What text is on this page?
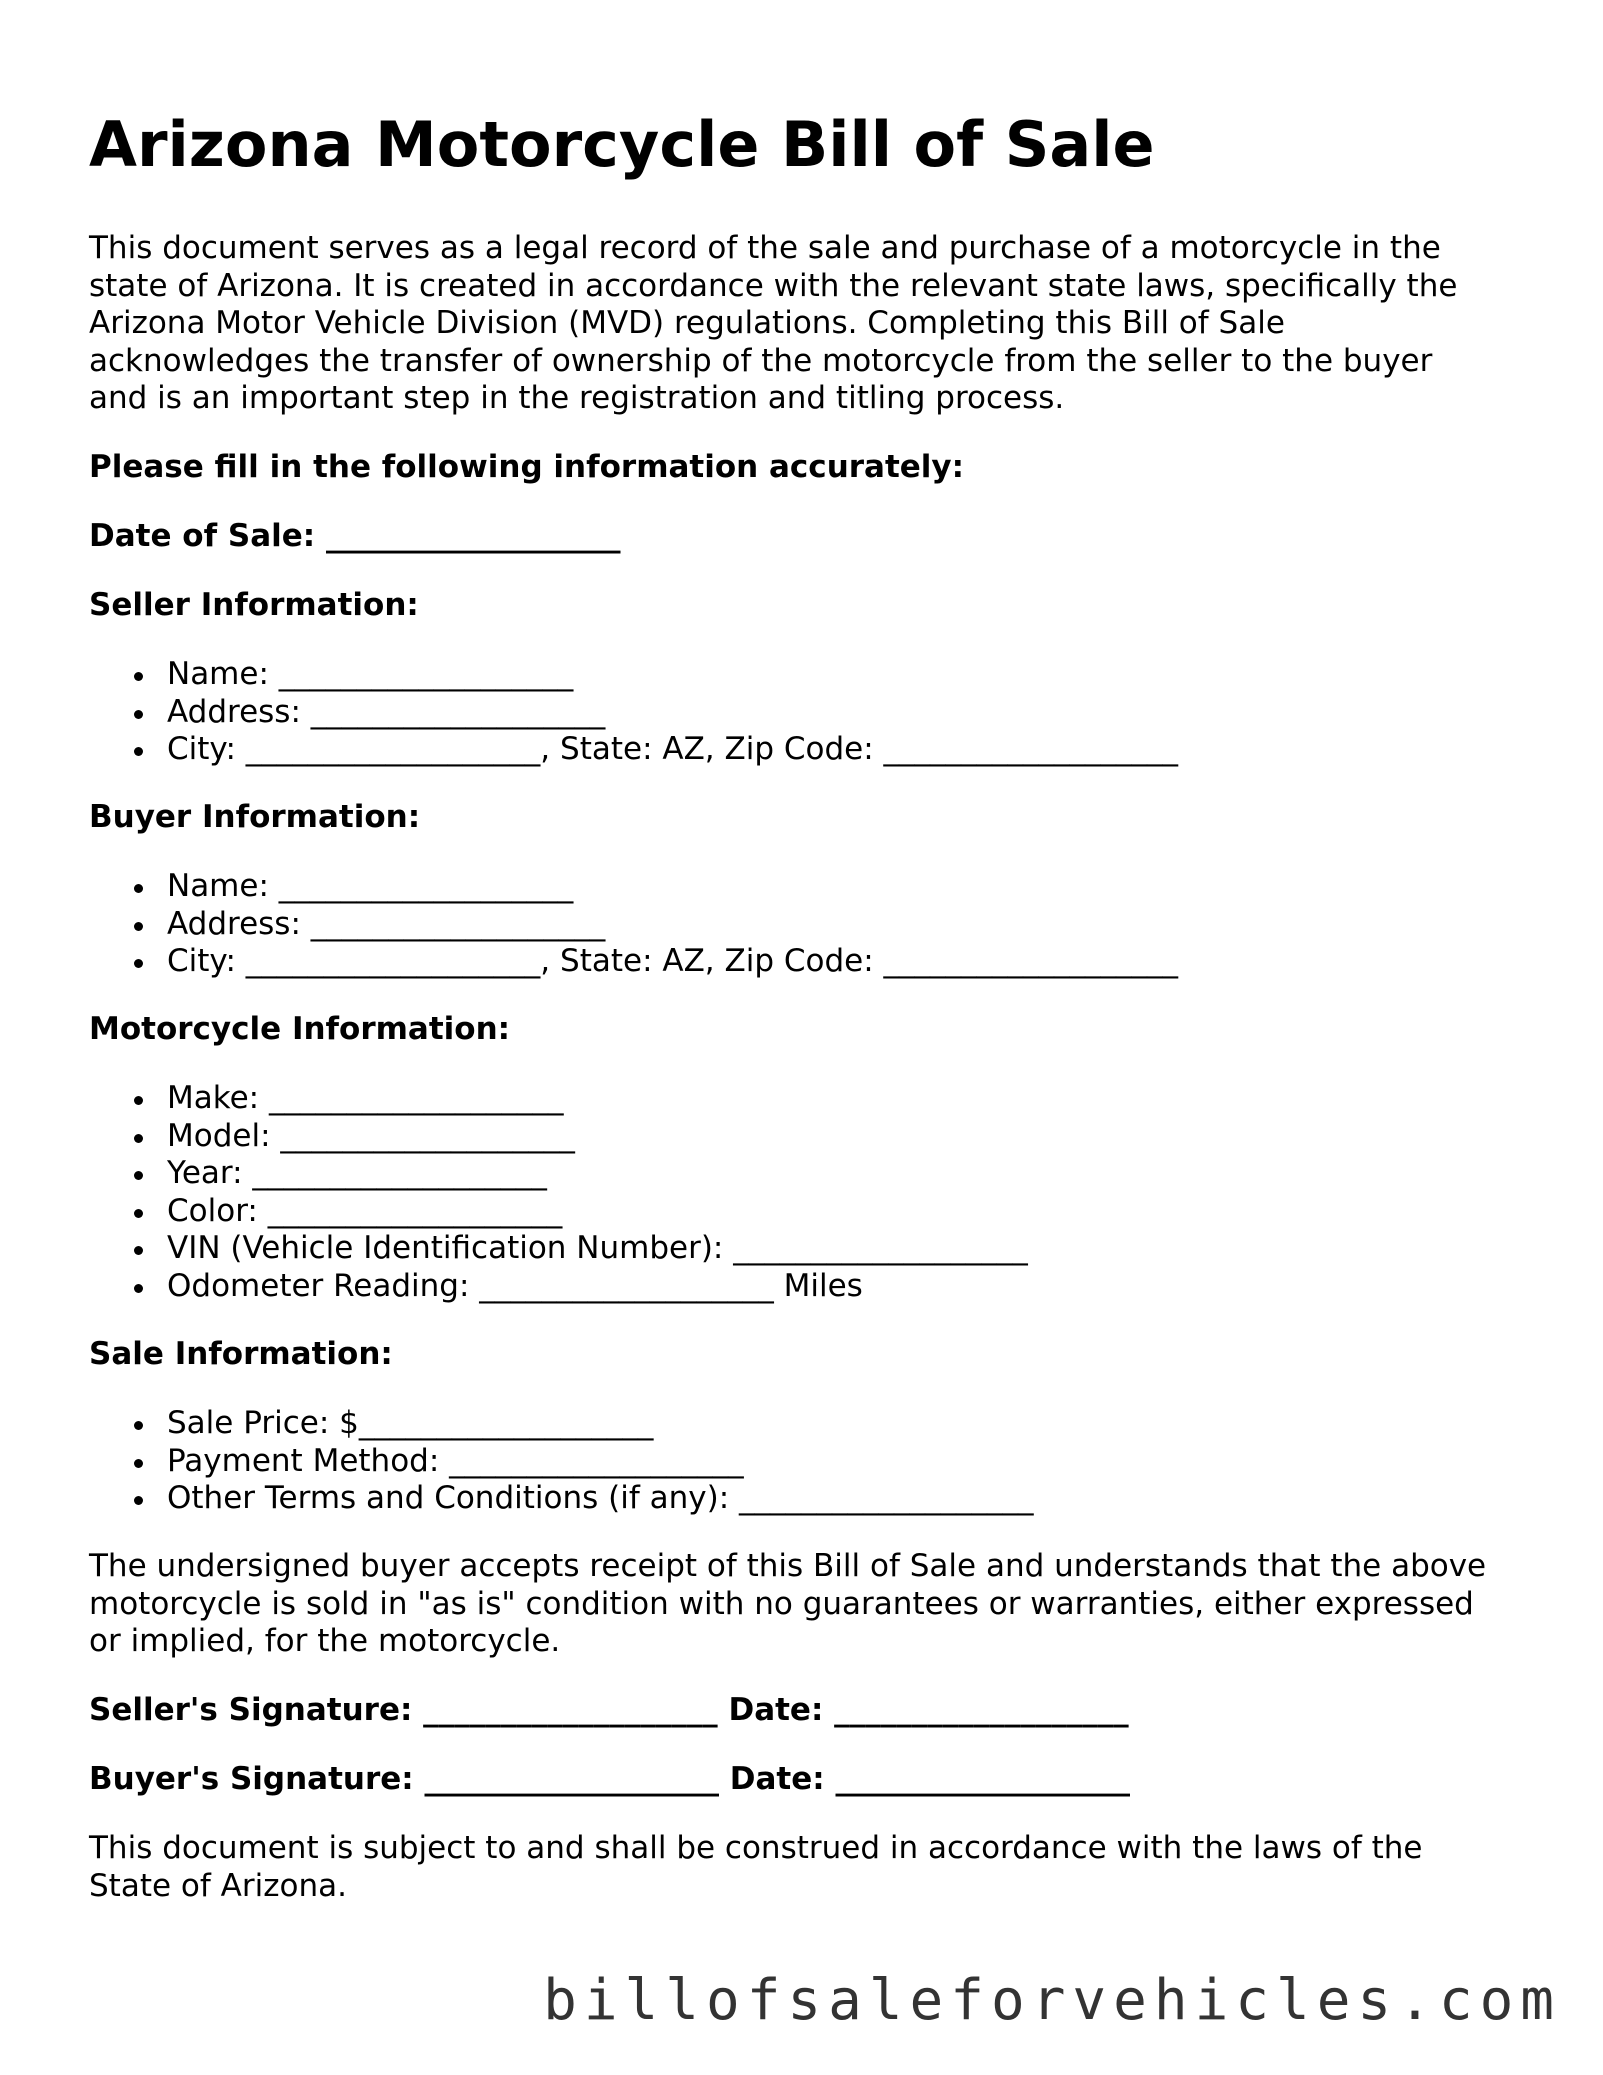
Arizona Motorcycle Bill of Sale
This document serves as a legal record of the sale and purchase of a motorcycle in the
state of Arizona. It is created in accordance with the relevant state laws, specifically the
Arizona Motor Vehicle Division (MVD) regulations. Completing this Bill of Sale
acknowledges the transfer of ownership of the motorcycle from the seller to the buyer
and is an important step in the registration and titling process.
Please fill in the following information accurately:
Date of Sale: ___________________
Seller Information:
Name: ___________________
Address: ___________________
City: ___________________, State: AZ, Zip Code: ___________________
Buyer Information:
Name: ___________________
Address: ___________________
City: ___________________, State: AZ, Zip Code: ___________________
Motorcycle Information:
Make: ___________________
Model: ___________________
Year: ___________________
Color: ___________________
VIN (Vehicle Identification Number): ___________________
Odometer Reading: ___________________ Miles
Sale Information:
Sale Price: $___________________
Payment Method: ___________________
Other Terms and Conditions (if any): ___________________
The undersigned buyer accepts receipt of this Bill of Sale and understands that the above
motorcycle is sold in "as is" condition with no guarantees or warranties, either expressed
or implied, for the motorcycle.
Seller's Signature: ___________________ Date: ___________________
Buyer's Signature: ___________________ Date: ___________________
This document is subject to and shall be construed in accordance with the laws of the
State of Arizona.
billofsaleforvehicles.com
